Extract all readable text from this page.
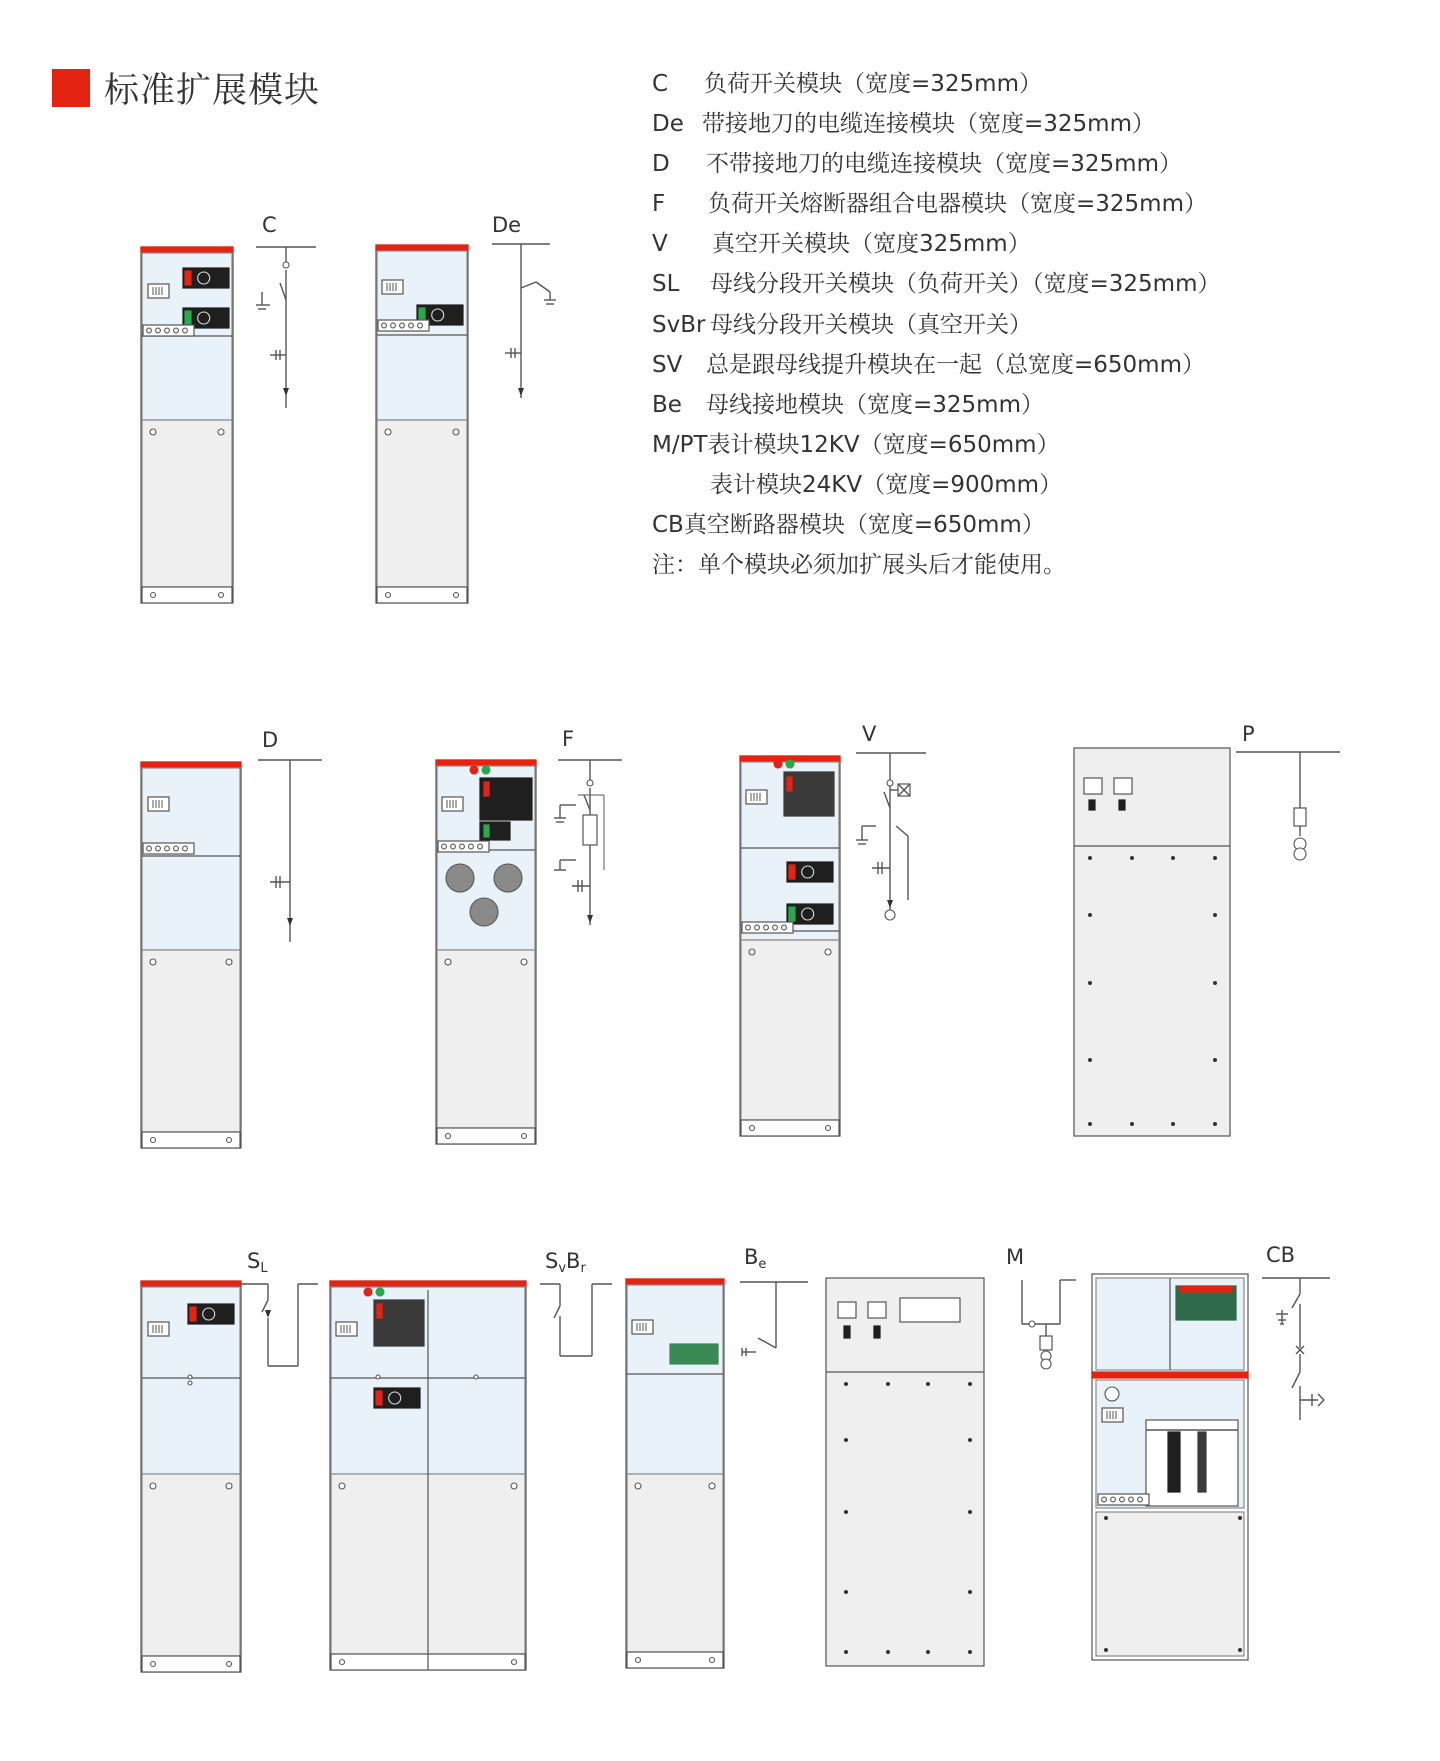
标准扩展模块	C 负荷开关模块（宽度=325mm）
De 带接地刀的电缆连接模块（宽度=325mm）
D 不带接地刀的电缆连接模块（宽度=325mm）
F 负荷开关熔断器组合电器模块（宽度=325mm）
V 真空开关模块（宽度325mm）
SL 母线分段开关模块（负荷开关）（宽度=325mm）
SvBr 母线分段开关模块（真空开关）
SV 总是跟母线提升模块在一起（总宽度=650mm）
Be 母线接地模块（宽度=325mm）
M/PT表计模块12KV（宽度=650mm）
表计模块24KV（宽度=900mm）
CB真空断路器模块（宽度=650mm）
注：单个模块必须加扩展头后才能使用。
C	De
D	F	V	P
SL	SvBr	Be	M	CB
